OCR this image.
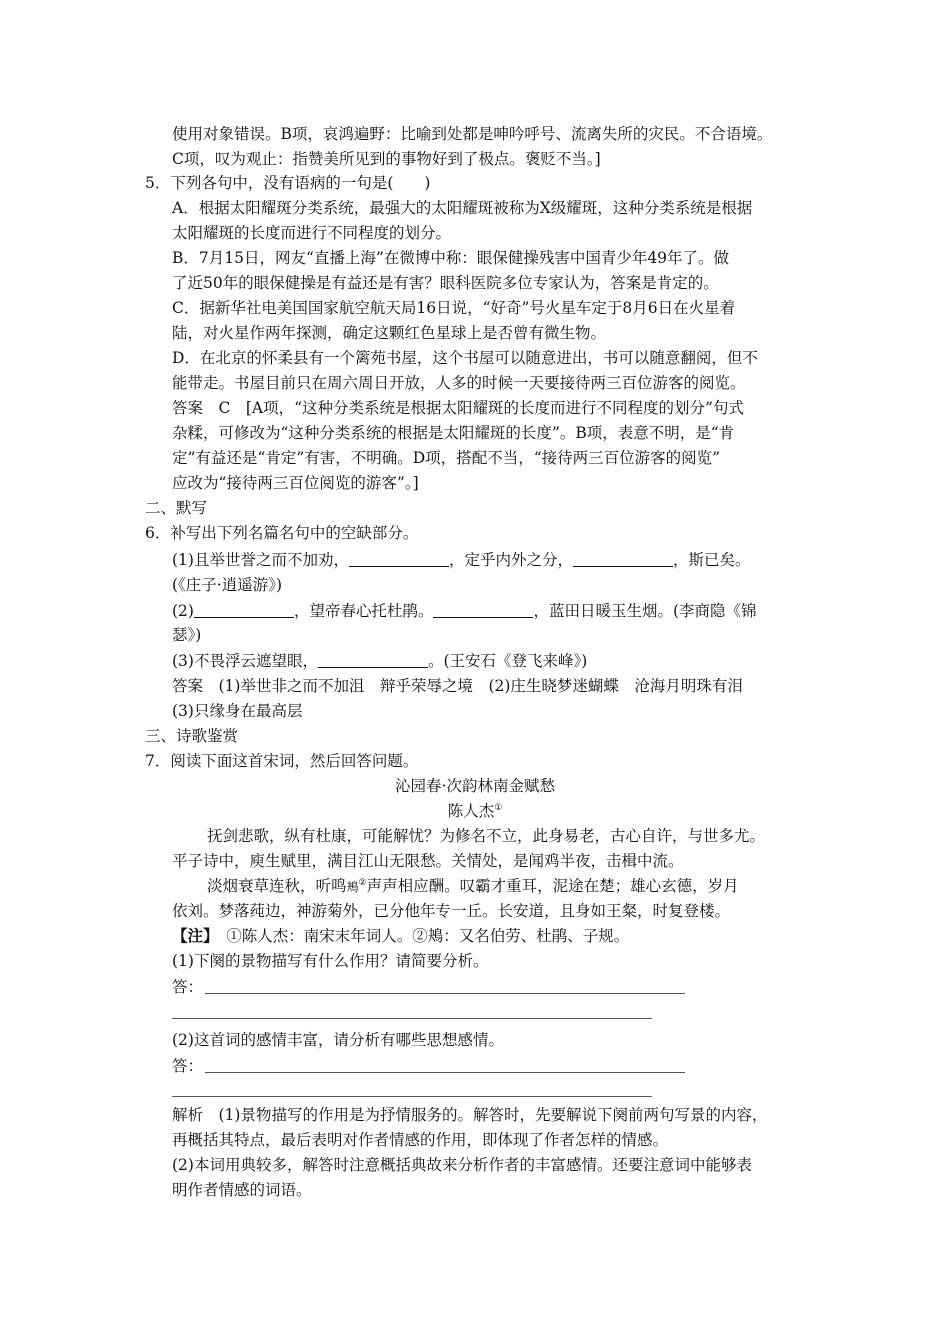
使用对象错误。B项，哀鸿遍野：比喻到处都是呻吟呼号、流离失所的灾民。不合语境。
C项，叹为观止：指赞美所见到的事物好到了极点。褒贬不当。]
5．下列各句中，没有语病的一句是(　　)
A．根据太阳耀斑分类系统，最强大的太阳耀斑被称为X级耀斑，这种分类系统是根据
太阳耀斑的长度而进行不同程度的划分。
B．7月15日，网友“直播上海”在微博中称：眼保健操残害中国青少年49年了。做
了近50年的眼保健操是有益还是有害？眼科医院多位专家认为，答案是肯定的。
C．据新华社电美国国家航空航天局16日说，“好奇”号火星车定于8月6日在火星着
陆，对火星作两年探测，确定这颗红色星球上是否曾有微生物。
D．在北京的怀柔县有一个篱苑书屋，这个书屋可以随意进出，书可以随意翻阅，但不
能带走。书屋目前只在周六周日开放，人多的时候一天要接待两三百位游客的阅览。
答案　C　[A项，“这种分类系统是根据太阳耀斑的长度而进行不同程度的划分”句式
杂糅，可修改为“这种分类系统的根据是太阳耀斑的长度”。B项，表意不明，是“肯
定”有益还是“肯定”有害，不明确。D项，搭配不当，“接待两三百位游客的阅览”
应改为“接待两三百位阅览的游客”。]
二、默写
6．补写出下列名篇名句中的空缺部分。
(1)且举世誉之而不加劝，	，定乎内外之分，	，斯已矣。
(《庄子·逍遥游》)
(2)	，望帝春心托杜鹃。	，蓝田日暖玉生烟。(李商隐《锦
瑟》)
(3)不畏浮云遮望眼，	。(王安石《登飞来峰》)
答案　(1)举世非之而不加沮　辩乎荣辱之境　(2)庄生晓梦迷蝴蝶　沧海月明珠有泪
(3)只缘身在最高层
三、诗歌鉴赏
7．阅读下面这首宋词，然后回答问题。
沁园春·次韵林南金赋愁
陈人杰①
抚剑悲歌，纵有杜康，可能解忧？为修名不立，此身易老，古心自许，与世多尤。
平子诗中，庾生赋里，满目江山无限愁。关情处，是闻鸡半夜，击楫中流。
淡烟衰草连秋，听鸣鴂②声声相应酬。叹霸才重耳，泥途在楚；雄心玄德，岁月
依刘。梦落莼边，神游菊外，已分他年专一丘。长安道，且身如王粲，时复登楼。
【注】　①陈人杰：南宋末年词人。②鴂：又名伯劳、杜鹃、子规。
(1)下阕的景物描写有什么作用？请简要分析。
答：
(2)这首词的感情丰富，请分析有哪些思想感情。
答：
解析　(1)景物描写的作用是为抒情服务的。解答时，先要解说下阕前两句写景的内容，
再概括其特点，最后表明对作者情感的作用，即体现了作者怎样的情感。
(2)本词用典较多，解答时注意概括典故来分析作者的丰富感情。还要注意词中能够表
明作者情感的词语。
